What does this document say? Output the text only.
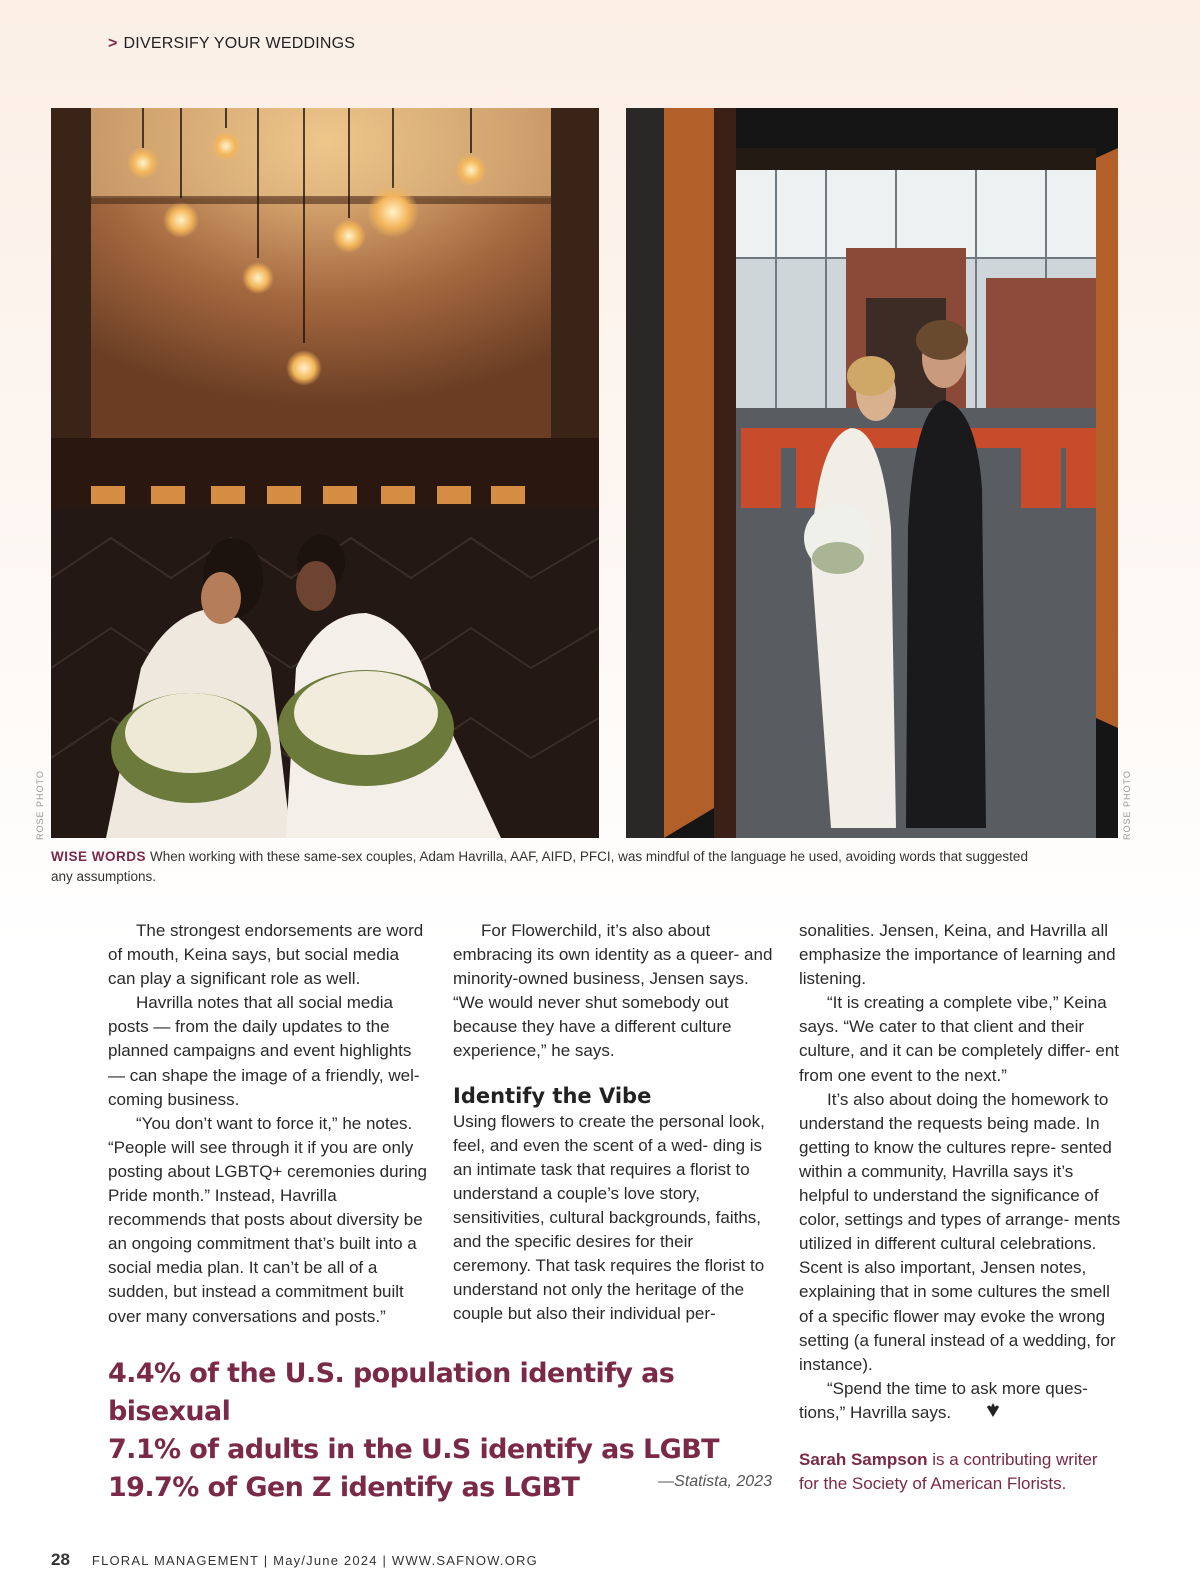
> DIVERSIFY YOUR WEDDINGS
ROSE PHOTO	ROSE PHOTO
WISE WORDS When working with these same-sex couples, Adam Havrilla, AAF, AIFD, PFCI, was mindful of the language he used, avoiding words that suggested any assumptions.

The strongest endorsements are word of mouth, Keina says, but social media can play a significant role as well.

Havrilla notes that all social media posts — from the daily updates to the planned campaigns and event highlights — can shape the image of a friendly, wel- coming business.

“You don’t want to force it,” he notes. “People will see through it if you are only posting about LGBTQ+ ceremonies during Pride month.” Instead, Havrilla recommends that posts about diversity be an ongoing commitment that’s built into a social media plan. It can’t be all of a sudden, but instead a commitment built over many conversations and posts.”

For Flowerchild, it’s also about embracing its own identity as a queer- and minority-owned business, Jensen says. “We would never shut somebody out because they have a different culture experience,” he says.

Identify the Vibe

Using flowers to create the personal look, feel, and even the scent of a wed- ding is an intimate task that requires a florist to understand a couple’s love story, sensitivities, cultural backgrounds, faiths, and the specific desires for their ceremony. That task requires the florist to understand not only the heritage of the couple but also their individual per-

sonalities. Jensen, Keina, and Havrilla all emphasize the importance of learning and listening.

“It is creating a complete vibe,” Keina says. “We cater to that client and their culture, and it can be completely differ- ent from one event to the next.”

It’s also about doing the homework to understand the requests being made. In getting to know the cultures repre- sented within a community, Havrilla says it’s helpful to understand the significance of color, settings and types of arrange- ments utilized in different cultural celebrations. Scent is also important, Jensen notes, explaining that in some cultures the smell of a specific flower may evoke the wrong setting (a funeral instead of a wedding, for instance).

“Spend the time to ask more ques- tions,” Havrilla says.

4.4% of the U.S. population identify as bisexual
7.1% of adults in the U.S identify as LGBT
19.7% of Gen Z identify as LGBT	—Statista, 2023
Sarah Sampson is a contributing writer for the Society of American Florists.
28 FLORAL MANAGEMENT | May/June 2024 | WWW.SAFNOW.ORG
